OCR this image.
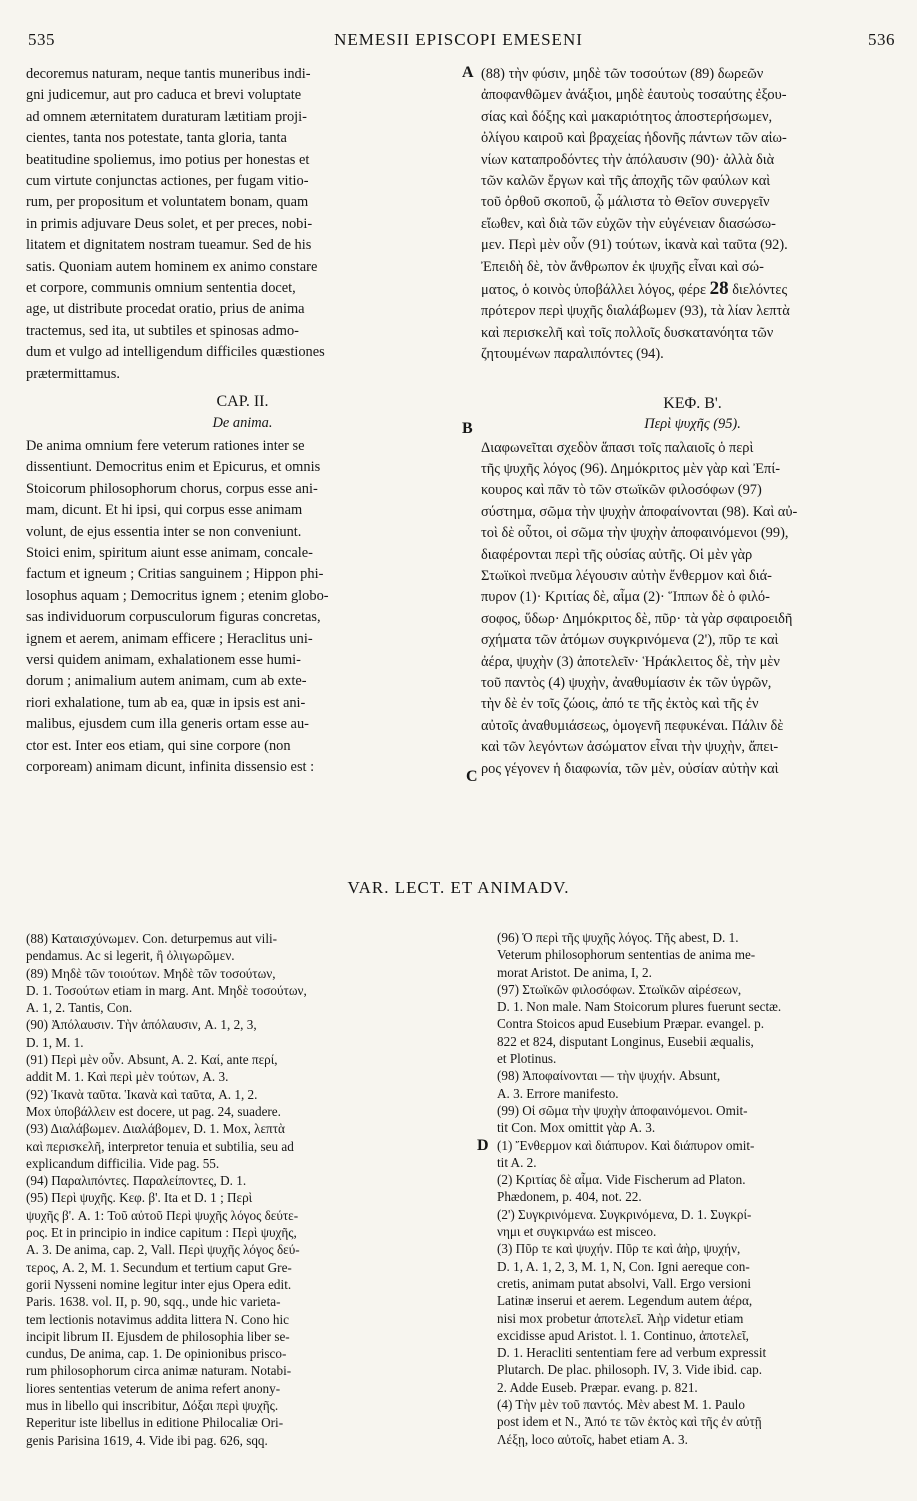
535	NEMESII EPISCOPI EMESENI	536
A
B
C
D
decoremus naturam, neque tantis muneribus indi-
gni judicemur, aut pro caduca et brevi voluptate
ad omnem æternitatem duraturam lætitiam proji-
cientes, tanta nos potestate, tanta gloria, tanta
beatitudine spoliemus, imo potius per honestas et
cum virtute conjunctas actiones, per fugam vitio-
rum, per propositum et voluntatem bonam, quam
in primis adjuvare Deus solet, et per preces, nobi-
litatem et dignitatem nostram tueamur. Sed de his
satis. Quoniam autem hominem ex animo constare
et corpore, communis omnium sententia docet,
age, ut distribute procedat oratio, prius de anima
tractemus, sed ita, ut subtiles et spinosas admo-
dum et vulgo ad intelligendum difficiles quæstiones
prætermittamus.
CAP. II.
De anima.
De anima omnium fere veterum rationes inter se
dissentiunt. Democritus enim et Epicurus, et omnis
Stoicorum philosophorum chorus, corpus esse ani-
mam, dicunt. Et hi ipsi, qui corpus esse animam
volunt, de ejus essentia inter se non conveniunt.
Stoici enim, spiritum aiunt esse animam, concale-
factum et igneum ; Critias sanguinem ; Hippon phi-
losophus aquam ; Democritus ignem ; etenim globo-
sas individuorum corpusculorum figuras concretas,
ignem et aerem, animam efficere ; Heraclitus uni-
versi quidem animam, exhalationem esse humi-
dorum ; animalium autem animam, cum ab exte-
riori exhalatione, tum ab ea, quæ in ipsis est ani-
malibus, ejusdem cum illa generis ortam esse au-
ctor est. Inter eos etiam, qui sine corpore (non
corpoream) animam dicunt, infinita dissensio est :
(88) τὴν φύσιν, μηδὲ τῶν τοσούτων (89) δωρεῶν
ἀποφανθῶμεν ἀνάξιοι, μηδὲ ἑαυτοὺς τοσαύτης ἐξου-
σίας καὶ δόξης καὶ μακαριότητος ἀποστερήσωμεν,
ὀλίγου καιροῦ καὶ βραχείας ἡδονῆς πάντων τῶν αἰω-
νίων καταπροδόντες τὴν ἀπόλαυσιν (90)· ἀλλὰ διὰ
τῶν καλῶν ἔργων καὶ τῆς ἀποχῆς τῶν φαύλων καὶ
τοῦ ὀρθοῦ σκοποῦ, ᾧ μάλιστα τὸ Θεῖον συνεργεῖν
εἴωθεν, καὶ διὰ τῶν εὐχῶν τὴν εὐγένειαν διασώσω-
μεν. Περὶ μὲν οὖν (91) τούτων, ἱκανὰ καὶ ταῦτα (92).
Ἐπειδὴ δὲ, τὸν ἄνθρωπον ἐκ ψυχῆς εἶναι καὶ σώ-
ματος, ὁ κοινὸς ὑποβάλλει λόγος, φέρε 28 διελόντες
πρότερον περὶ ψυχῆς διαλάβωμεν (93), τὰ λίαν λεπτὰ
καὶ περισκελῆ καὶ τοῖς πολλοῖς δυσκατανόητα τῶν
ζητουμένων παραλιπόντες (94).
ΚΕΦ. Β'.
Περὶ ψυχῆς (95).
Διαφωνεῖται σχεδὸν ἅπασι τοῖς παλαιοῖς ὁ περὶ
τῆς ψυχῆς λόγος (96). Δημόκριτος μὲν γὰρ καὶ Ἐπί-
κουρος καὶ πᾶν τὸ τῶν στωϊκῶν φιλοσόφων (97)
σύστημα, σῶμα τὴν ψυχὴν ἀποφαίνονται (98). Καὶ αὐ-
τοὶ δὲ οὗτοι, οἱ σῶμα τὴν ψυχὴν ἀποφαινόμενοι (99),
διαφέρονται περὶ τῆς οὐσίας αὐτῆς. Οἱ μὲν γὰρ
Στωϊκοὶ πνεῦμα λέγουσιν αὐτὴν ἔνθερμον καὶ διά-
πυρον (1)· Κριτίας δὲ, αἷμα (2)· Ἵππων δὲ ὁ φιλό-
σοφος, ὕδωρ· Δημόκριτος δὲ, πῦρ· τὰ γὰρ σφαιροειδῆ
σχήματα τῶν ἀτόμων συγκρινόμενα (2'), πῦρ τε καὶ
ἀέρα, ψυχὴν (3) ἀποτελεῖν· Ἡράκλειτος δὲ, τὴν μὲν
τοῦ παντὸς (4) ψυχὴν, ἀναθυμίασιν ἐκ τῶν ὑγρῶν,
τὴν δὲ ἐν τοῖς ζώοις, ἀπό τε τῆς ἐκτὸς καὶ τῆς ἐν
αὐτοῖς ἀναθυμιάσεως, ὁμογενῆ πεφυκέναι. Πάλιν δὲ
καὶ τῶν λεγόντων ἀσώματον εἶναι τὴν ψυχὴν, ἄπει-
ρος γέγονεν ἡ διαφωνία, τῶν μὲν, οὐσίαν αὐτὴν καὶ
VAR. LECT. ET ANIMADV.
(88) Καταισχύνωμεν. Con. deturpemus aut vili-
pendamus. Ac si legerit, ἢ ὀλιγωρῶμεν.
(89) Μηδὲ τῶν τοιούτων. Μηδὲ τῶν τοσούτων,
D. 1. Τοσούτων etiam in marg. Ant. Μηδὲ τοσούτων,
A. 1, 2. Tantis, Con.
(90) Ἀπόλαυσιν. Τὴν ἀπόλαυσιν, A. 1, 2, 3,
D. 1, M. 1.
(91) Περὶ μὲν οὖν. Absunt, A. 2. Καί, ante περί,
addit M. 1. Καὶ περὶ μὲν τούτων, A. 3.
(92) Ἱκανὰ ταῦτα. Ἱκανὰ καὶ ταῦτα, A. 1, 2.
Mox ὑποβάλλειν est docere, ut pag. 24, suadere.
(93) Διαλάβωμεν. Διαλάβομεν, D. 1. Mox, λεπτὰ
καὶ περισκελῆ, interpretor tenuia et subtilia, seu ad
explicandum difficilia. Vide pag. 55.
(94) Παραλιπόντες. Παραλείποντες, D. 1.
(95) Περὶ ψυχῆς. Κεφ. β'. Ita et D. 1 ; Περὶ
ψυχῆς β'. A. 1: Τοῦ αὐτοῦ Περὶ ψυχῆς λόγος δεύτε-
ρος. Et in principio in indice capitum : Περὶ ψυχῆς,
A. 3. De anima, cap. 2, Vall. Περὶ ψυχῆς λόγος δεύ-
τερος, A. 2, M. 1. Secundum et tertium caput Gre-
gorii Nysseni nomine legitur inter ejus Opera edit.
Paris. 1638. vol. II, p. 90, sqq., unde hic varieta-
tem lectionis notavimus addita littera N. Cono hic
incipit librum II. Ejusdem de philosophia liber se-
cundus, De anima, cap. 1. De opinionibus prisco-
rum philosophorum circa animæ naturam. Notabi-
liores sententias veterum de anima refert anony-
mus in libello qui inscribitur, Δόξαι περὶ ψυχῆς.
Reperitur iste libellus in editione Philocaliæ Ori-
genis Parisina 1619, 4. Vide ibi pag. 626, sqq.
(96) Ὁ περὶ τῆς ψυχῆς λόγος. Τῆς abest, D. 1.
Veterum philosophorum sententias de anima me-
morat Aristot. De anima, I, 2.
(97) Στωϊκῶν φιλοσόφων. Στωϊκῶν αἱρέσεων,
D. 1. Non male. Nam Stoicorum plures fuerunt sectæ.
Contra Stoicos apud Eusebium Præpar. evangel. p.
822 et 824, disputant Longinus, Eusebii æqualis,
et Plotinus.
(98) Ἀποφαίνονται — τὴν ψυχήν. Absunt,
A. 3. Errore manifesto.
(99) Οἱ σῶμα τὴν ψυχὴν ἀποφαινόμενοι. Omit-
tit Con. Mox omittit γὰρ A. 3.
(1) Ἔνθερμον καὶ διάπυρον. Καὶ διάπυρον omit-
tit A. 2.
(2) Κριτίας δὲ αἷμα. Vide Fischerum ad Platon.
Phædonem, p. 404, not. 22.
(2') Συγκρινόμενα. Συγκρινόμενα, D. 1. Συγκρί-
νημι et συγκιρνάω est misceo.
(3) Πῦρ τε καὶ ψυχήν. Πῦρ τε καὶ ἀὴρ, ψυχήν,
D. 1, A. 1, 2, 3, M. 1, N, Con. Igni aereque con-
cretis, animam putat absolvi, Vall. Ergo versioni
Latinæ inserui et aerem. Legendum autem ἀέρα,
nisi mox probetur ἀποτελεῖ. Ἀὴρ videtur etiam
excidisse apud Aristot. l. 1. Continuo, ἀποτελεῖ,
D. 1. Heracliti sententiam fere ad verbum expressit
Plutarch. De plac. philosoph. IV, 3. Vide ibid. cap.
2. Adde Euseb. Præpar. evang. p. 821.
(4) Τὴν μὲν τοῦ παντός. Μὲν abest M. 1. Paulo
post idem et N., Ἀπό τε τῶν ἐκτὸς καὶ τῆς ἐν αὐτῇ
Λέξῃ, loco αὐτοῖς, habet etiam A. 3.
